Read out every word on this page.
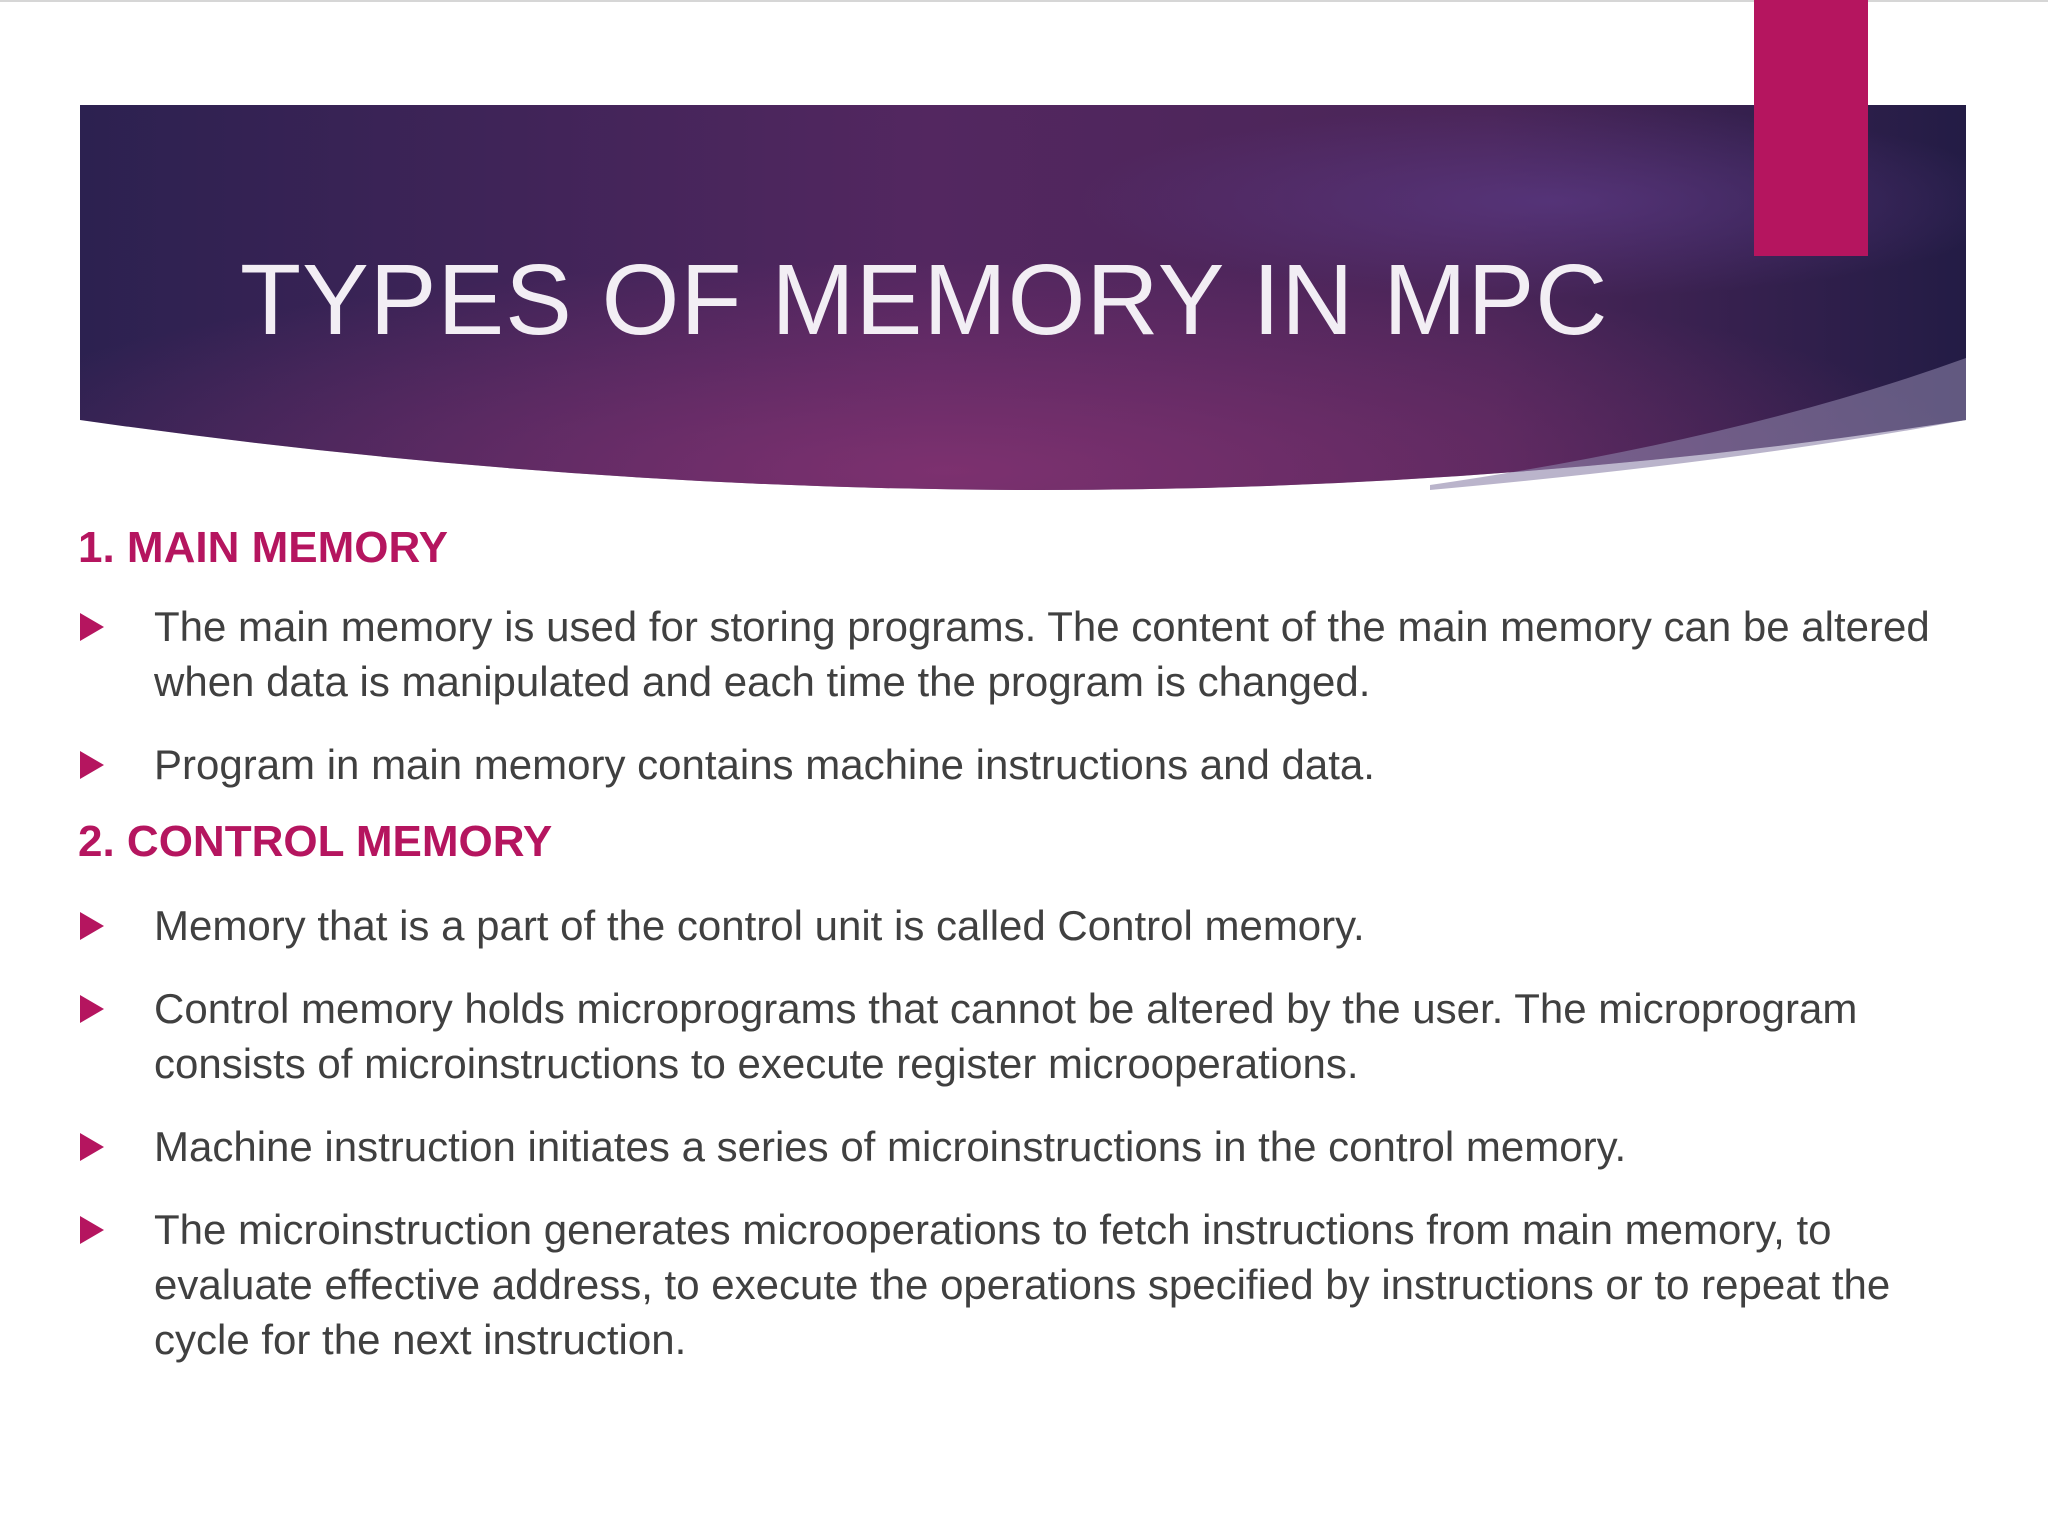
TYPES OF MEMORY IN MPC
1. MAIN MEMORY
The main memory is used for storing programs. The content of the main memory can be altered when data is manipulated and each time the program is changed.
Program in main memory contains machine instructions and data.
2. CONTROL MEMORY
Memory that is a part of the control unit is called Control memory.
Control memory holds microprograms that cannot be altered by the user. The microprogram consists of microinstructions to execute register microoperations.
Machine instruction initiates a series of microinstructions in the control memory.
The microinstruction generates microoperations to fetch instructions from main memory, to evaluate effective address, to execute the operations specified by instructions or to repeat the cycle for the next instruction.
